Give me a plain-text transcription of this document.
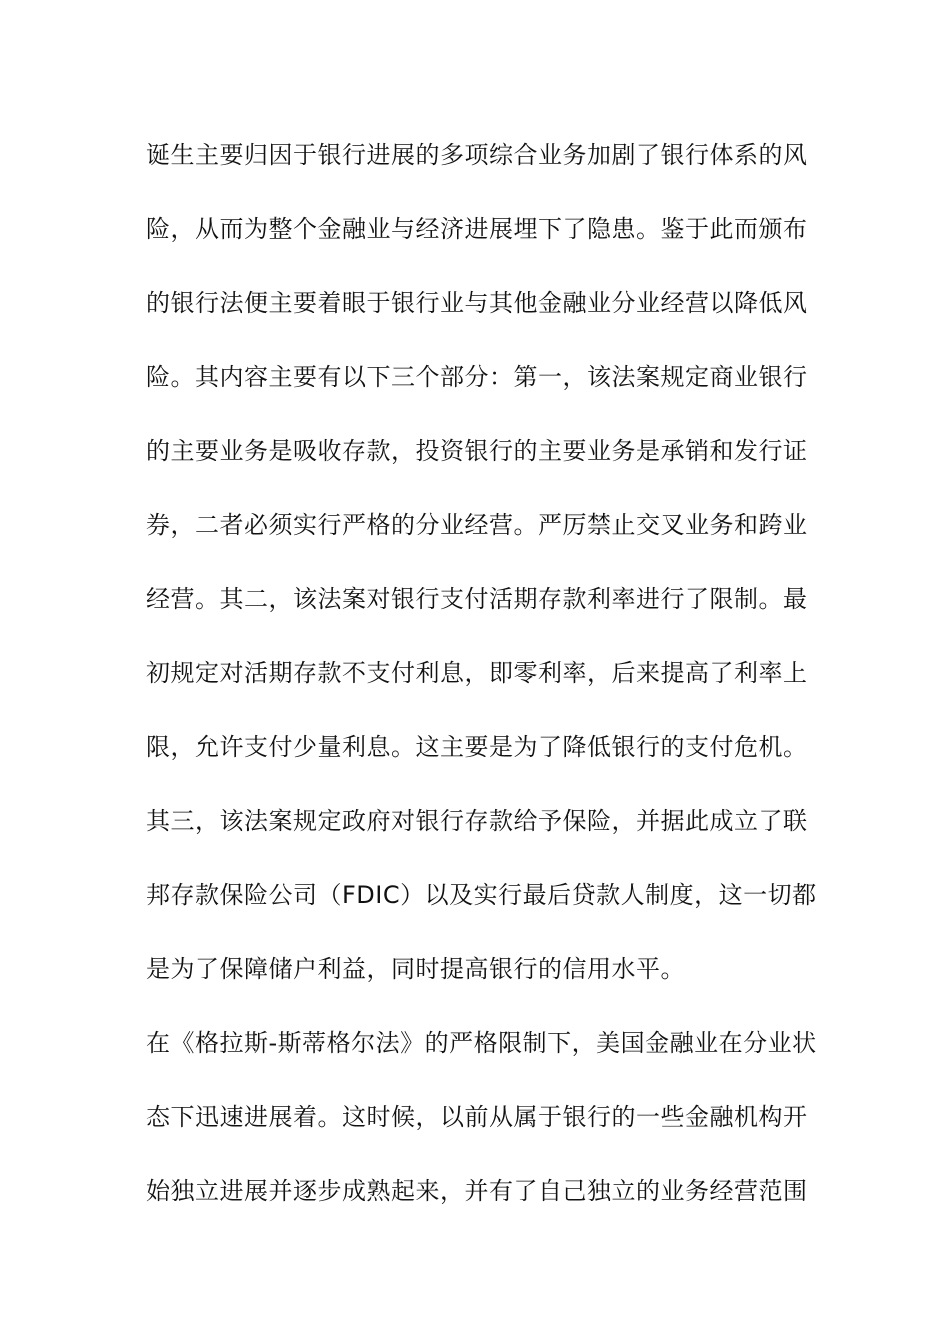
诞生主要归因于银行进展的多项综合业务加剧了银行体系的风
险，从而为整个金融业与经济进展埋下了隐患。鉴于此而颁布
的银行法便主要着眼于银行业与其他金融业分业经营以降低风
险。其内容主要有以下三个部分：第一，该法案规定商业银行
的主要业务是吸收存款，投资银行的主要业务是承销和发行证
券，二者必须实行严格的分业经营。严厉禁止交叉业务和跨业
经营。其二，该法案对银行支付活期存款利率进行了限制。最
初规定对活期存款不支付利息，即零利率，后来提高了利率上
限，允许支付少量利息。这主要是为了降低银行的支付危机。
其三，该法案规定政府对银行存款给予保险，并据此成立了联
邦存款保险公司（FDIC）以及实行最后贷款人制度，这一切都
是为了保障储户利益，同时提高银行的信用水平。
在《格拉斯-斯蒂格尔法》的严格限制下，美国金融业在分业状
态下迅速进展着。这时候，以前从属于银行的一些金融机构开
始独立进展并逐步成熟起来，并有了自己独立的业务经营范围
